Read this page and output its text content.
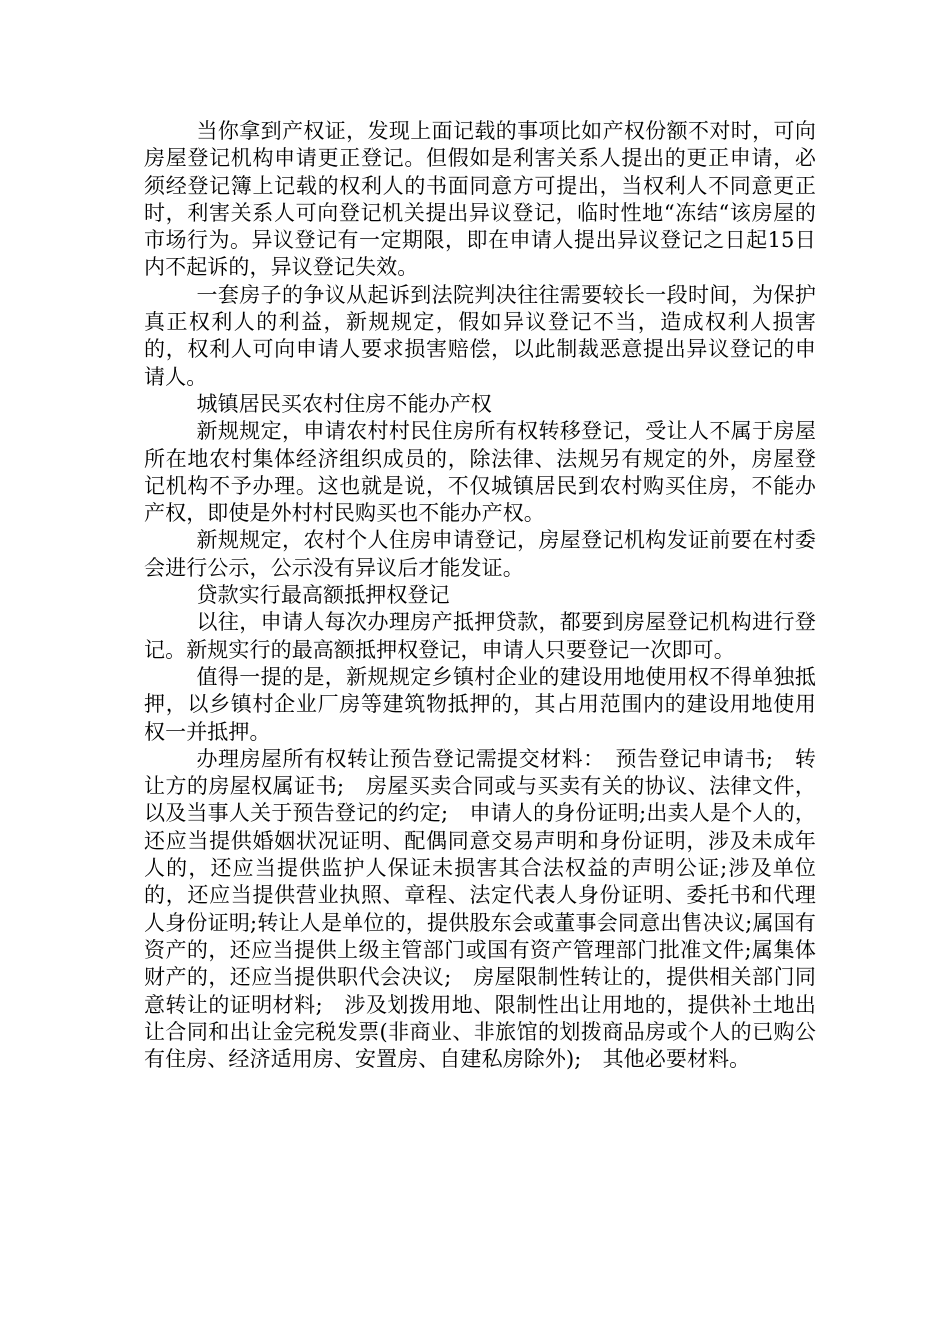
当你拿到产权证，发现上面记载的事项比如产权份额不对时，可向房屋登记机构申请更正登记。但假如是利害关系人提出的更正申请，必须经登记簿上记载的权利人的书面同意方可提出，当权利人不同意更正时，利害关系人可向登记机关提出异议登记，临时性地“冻结“该房屋的市场行为。异议登记有一定期限，即在申请人提出异议登记之日起15日内不起诉的，异议登记失效。

一套房子的争议从起诉到法院判决往往需要较长一段时间，为保护真正权利人的利益，新规规定，假如异议登记不当，造成权利人损害的，权利人可向申请人要求损害赔偿，以此制裁恶意提出异议登记的申请人。

城镇居民买农村住房不能办产权

新规规定，申请农村村民住房所有权转移登记，受让人不属于房屋所在地农村集体经济组织成员的，除法律、法规另有规定的外，房屋登记机构不予办理。这也就是说，不仅城镇居民到农村购买住房，不能办产权，即使是外村村民购买也不能办产权。

新规规定，农村个人住房申请登记，房屋登记机构发证前要在村委会进行公示，公示没有异议后才能发证。

贷款实行最高额抵押权登记

以往，申请人每次办理房产抵押贷款，都要到房屋登记机构进行登记。新规实行的最高额抵押权登记，申请人只要登记一次即可。

值得一提的是，新规规定乡镇村企业的建设用地使用权不得单独抵押，以乡镇村企业厂房等建筑物抵押的，其占用范围内的建设用地使用权一并抵押。

办理房屋所有权转让预告登记需提交材料：　预告登记申请书;　转让方的房屋权属证书;　房屋买卖合同或与买卖有关的协议、法律文件，以及当事人关于预告登记的约定;　申请人的身份证明;出卖人是个人的，还应当提供婚姻状况证明、配偶同意交易声明和身份证明，涉及未成年人的，还应当提供监护人保证未损害其合法权益的声明公证;涉及单位的，还应当提供营业执照、章程、法定代表人身份证明、委托书和代理人身份证明;转让人是单位的，提供股东会或董事会同意出售决议;属国有资产的，还应当提供上级主管部门或国有资产管理部门批准文件;属集体财产的，还应当提供职代会决议;　房屋限制性转让的，提供相关部门同意转让的证明材料;　涉及划拨用地、限制性出让用地的，提供补土地出让合同和出让金完税发票(非商业、非旅馆的划拨商品房或个人的已购公有住房、经济适用房、安置房、自建私房除外);　其他必要材料。
